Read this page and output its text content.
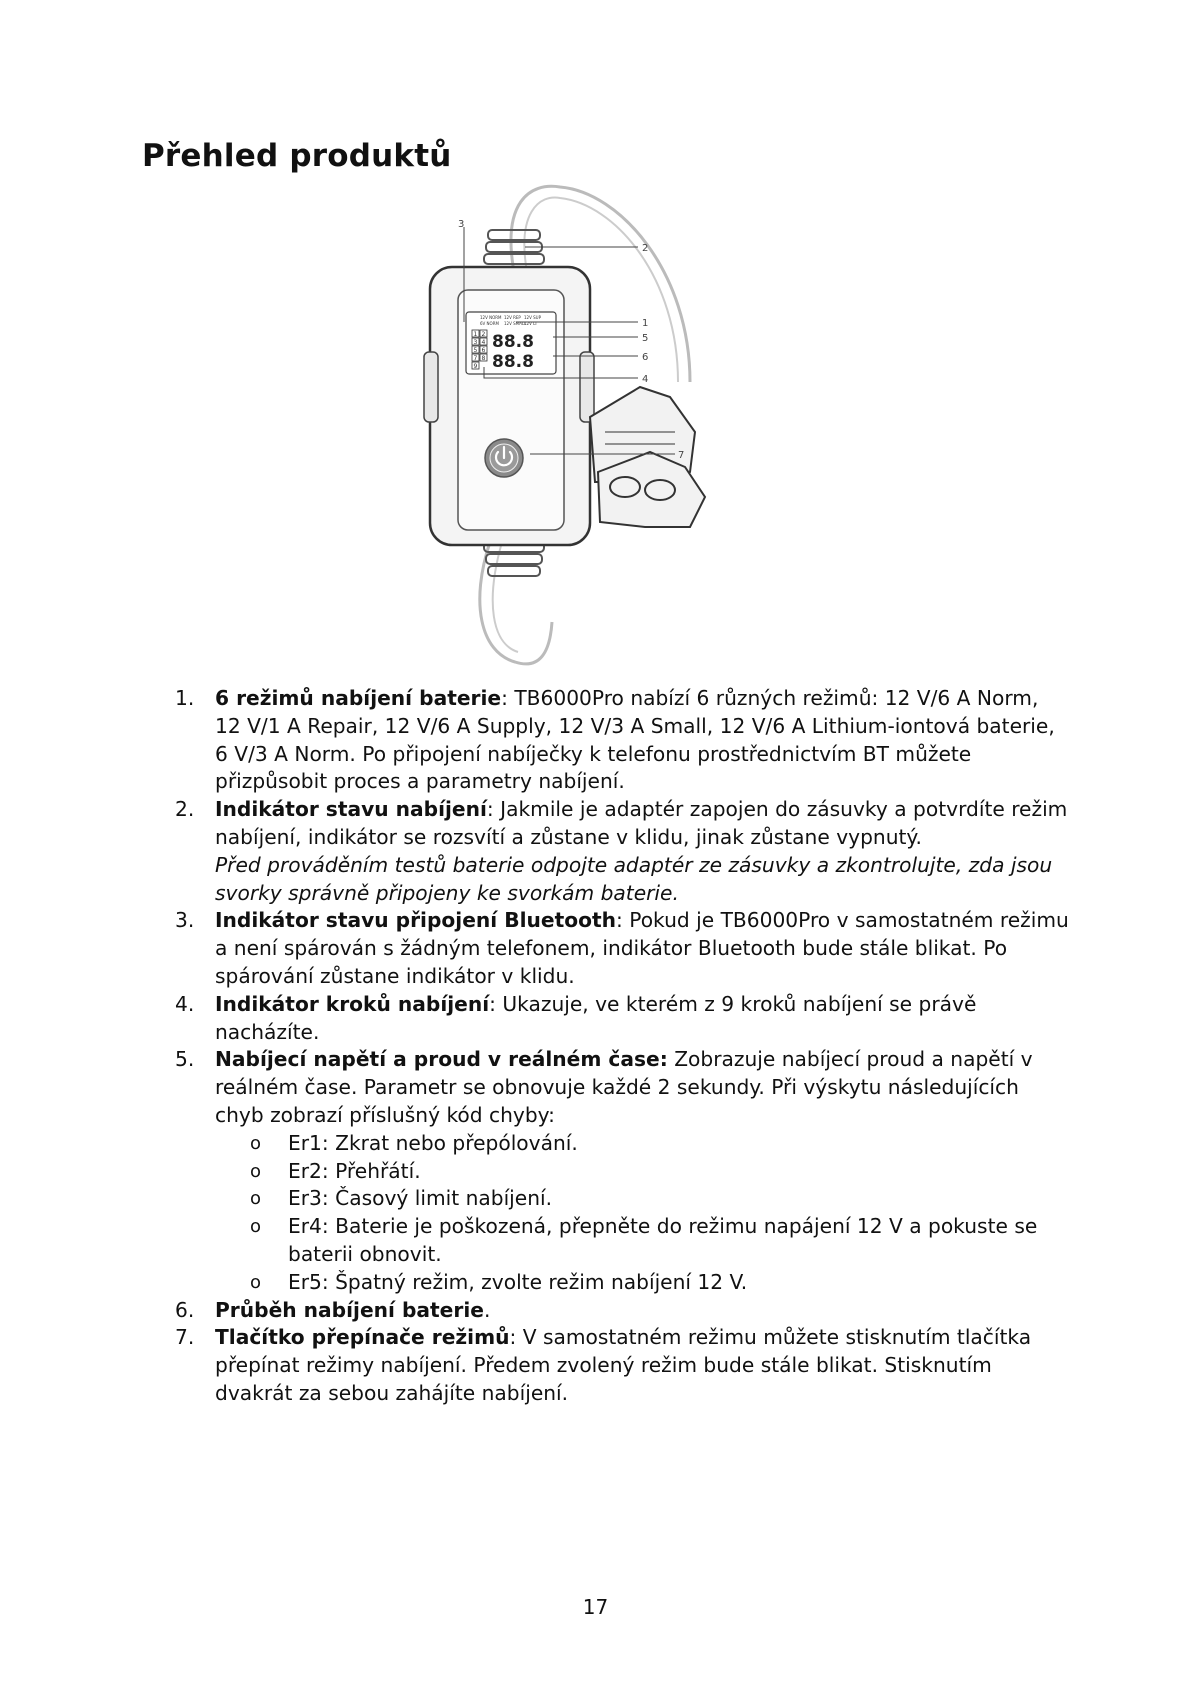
Přehled produktů
12V NORM 12V REP 12V SUP
6V NORM 12V SMALL
12V LI
1 2
3 4
5 6
7 8
9
88.8
88.8
3
2
1
5
6
4
7
1. 6 režimů nabíjení baterie: TB6000Pro nabízí 6 různých režimů: 12 V/6 A Norm, 12 V/1 A Repair, 12 V/6 A Supply, 12 V/3 A Small, 12 V/6 A Lithium-iontová baterie, 6 V/3 A Norm. Po připojení nabíječky k telefonu prostřednictvím BT můžete přizpůsobit proces a parametry nabíjení.
2. Indikátor stavu nabíjení: Jakmile je adaptér zapojen do zásuvky a potvrdíte režim nabíjení, indikátor se rozsvítí a zůstane v klidu, jinak zůstane vypnutý.
Před prováděním testů baterie odpojte adaptér ze zásuvky a zkontrolujte, zda jsou svorky správně připojeny ke svorkám baterie.
3. Indikátor stavu připojení Bluetooth: Pokud je TB6000Pro v samostatném režimu a není spárován s žádným telefonem, indikátor Bluetooth bude stále blikat. Po spárování zůstane indikátor v klidu.
4. Indikátor kroků nabíjení: Ukazuje, ve kterém z 9 kroků nabíjení se právě nacházíte.
5. Nabíjecí napětí a proud v reálném čase: Zobrazuje nabíjecí proud a napětí v reálném čase. Parametr se obnovuje každé 2 sekundy. Při výskytu následujících chyb zobrazí příslušný kód chyby:
o Er1: Zkrat nebo přepólování.
o Er2: Přehřátí.
o Er3: Časový limit nabíjení.
o Er4: Baterie je poškozená, přepněte do režimu napájení 12 V a pokuste se baterii obnovit.
o Er5: Špatný režim, zvolte režim nabíjení 12 V.
6. Průběh nabíjení baterie.
7. Tlačítko přepínače režimů: V samostatném režimu můžete stisknutím tlačítka přepínat režimy nabíjení. Předem zvolený režim bude stále blikat. Stisknutím dvakrát za sebou zahájíte nabíjení.
17
